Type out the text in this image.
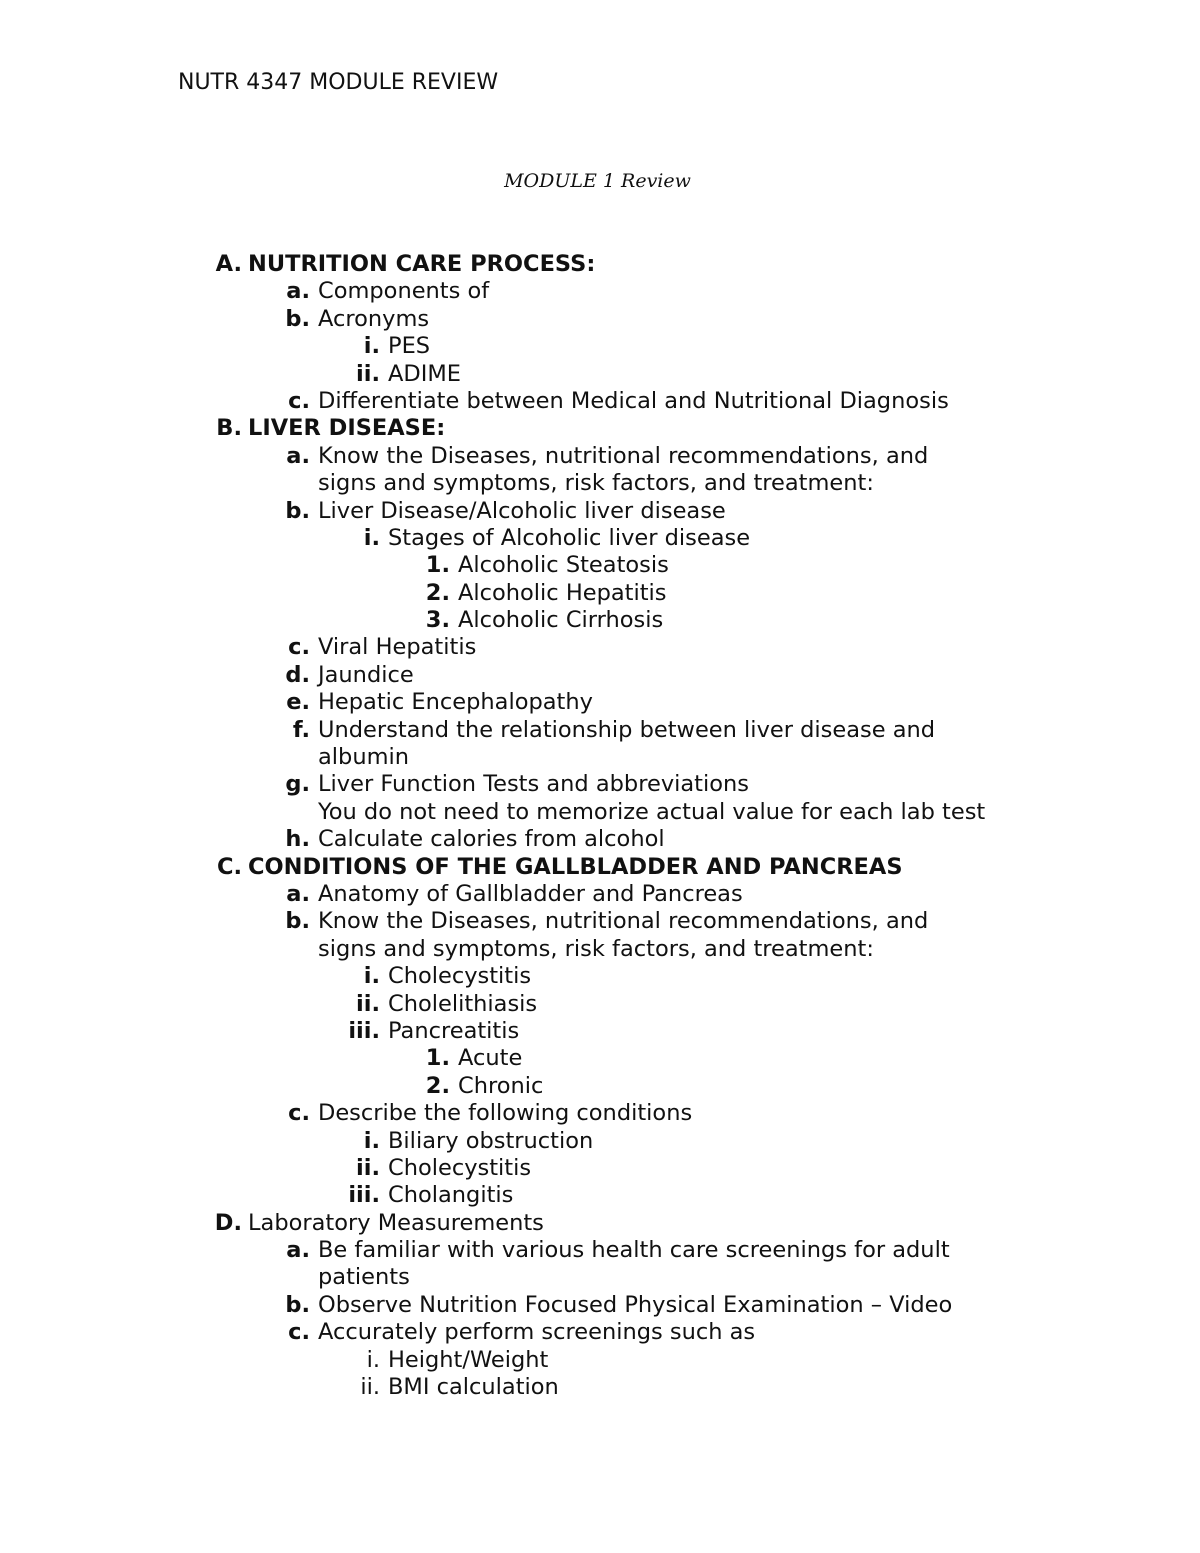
NUTR 4347 MODULE REVIEW
MODULE 1 Review
A. NUTRITION CARE PROCESS:
a. Components of
b. Acronyms
i. PES
ii. ADIME
c. Differentiate between Medical and Nutritional Diagnosis
B. LIVER DISEASE:
a. Know the Diseases, nutritional recommendations, and
signs and symptoms, risk factors, and treatment:
b. Liver Disease/Alcoholic liver disease
i. Stages of Alcoholic liver disease
1. Alcoholic Steatosis
2. Alcoholic Hepatitis
3. Alcoholic Cirrhosis
c. Viral Hepatitis
d. Jaundice
e. Hepatic Encephalopathy
f. Understand the relationship between liver disease and
albumin
g. Liver Function Tests and abbreviations
You do not need to memorize actual value for each lab test
h. Calculate calories from alcohol
C. CONDITIONS OF THE GALLBLADDER AND PANCREAS
a. Anatomy of Gallbladder and Pancreas
b. Know the Diseases, nutritional recommendations, and
signs and symptoms, risk factors, and treatment:
i. Cholecystitis
ii. Cholelithiasis
iii. Pancreatitis
1. Acute
2. Chronic
c. Describe the following conditions
i. Biliary obstruction
ii. Cholecystitis
iii. Cholangitis
D. Laboratory Measurements
a. Be familiar with various health care screenings for adult
patients
b. Observe Nutrition Focused Physical Examination – Video
c. Accurately perform screenings such as
i. Height/Weight
ii. BMI calculation
